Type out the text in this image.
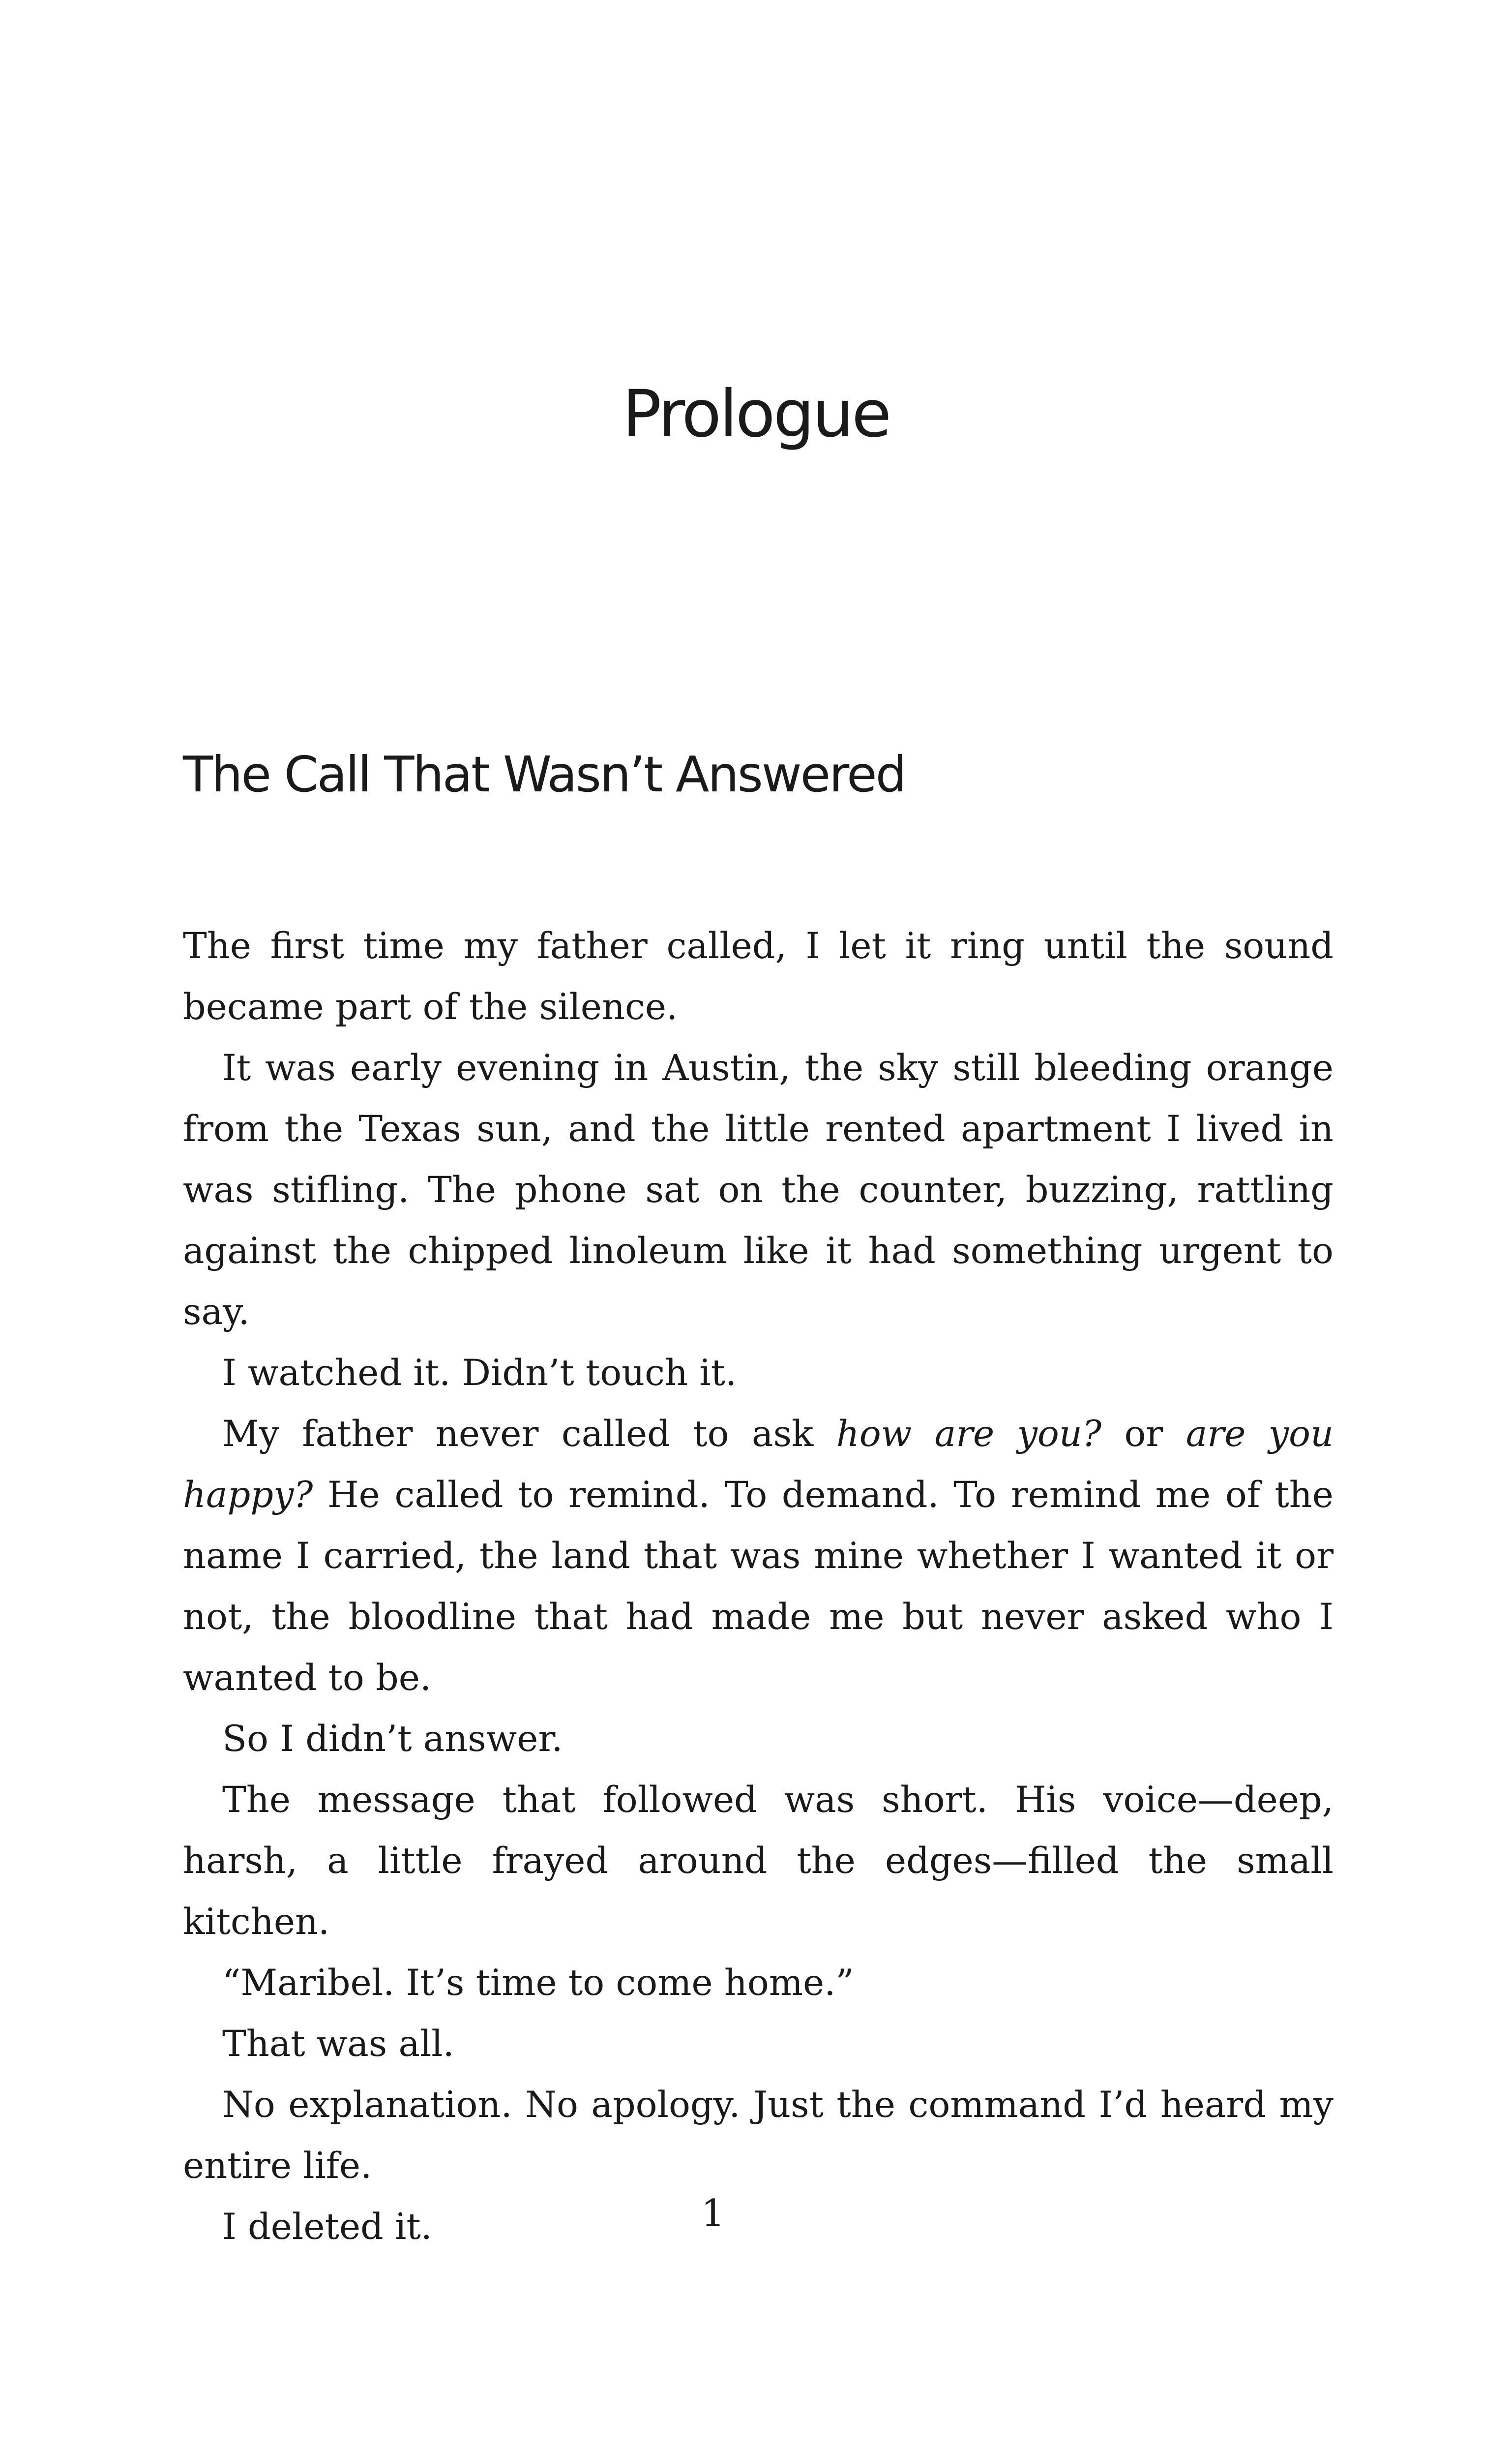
Prologue
The Call That Wasn’t Answered

The first time my father called, I let it ring until the sound became part of the silence.

It was early evening in Austin, the sky still bleeding orange from the Texas sun, and the little rented apartment I lived in was stifling. The phone sat on the counter, buzzing, rattling against the chipped linoleum like it had something urgent to say.

I watched it. Didn’t touch it.

My father never called to ask how are you? or are you happy? He called to remind. To demand. To remind me of the name I carried, the land that was mine whether I wanted it or not, the bloodline that had made me but never asked who I wanted to be.

So I didn’t answer.

The message that followed was short. His voice—deep, harsh, a little frayed around the edges—filled the small kitchen.

“Maribel. It’s time to come home.”

That was all.

No explanation. No apology. Just the command I’d heard my entire life.

I deleted it.	1
